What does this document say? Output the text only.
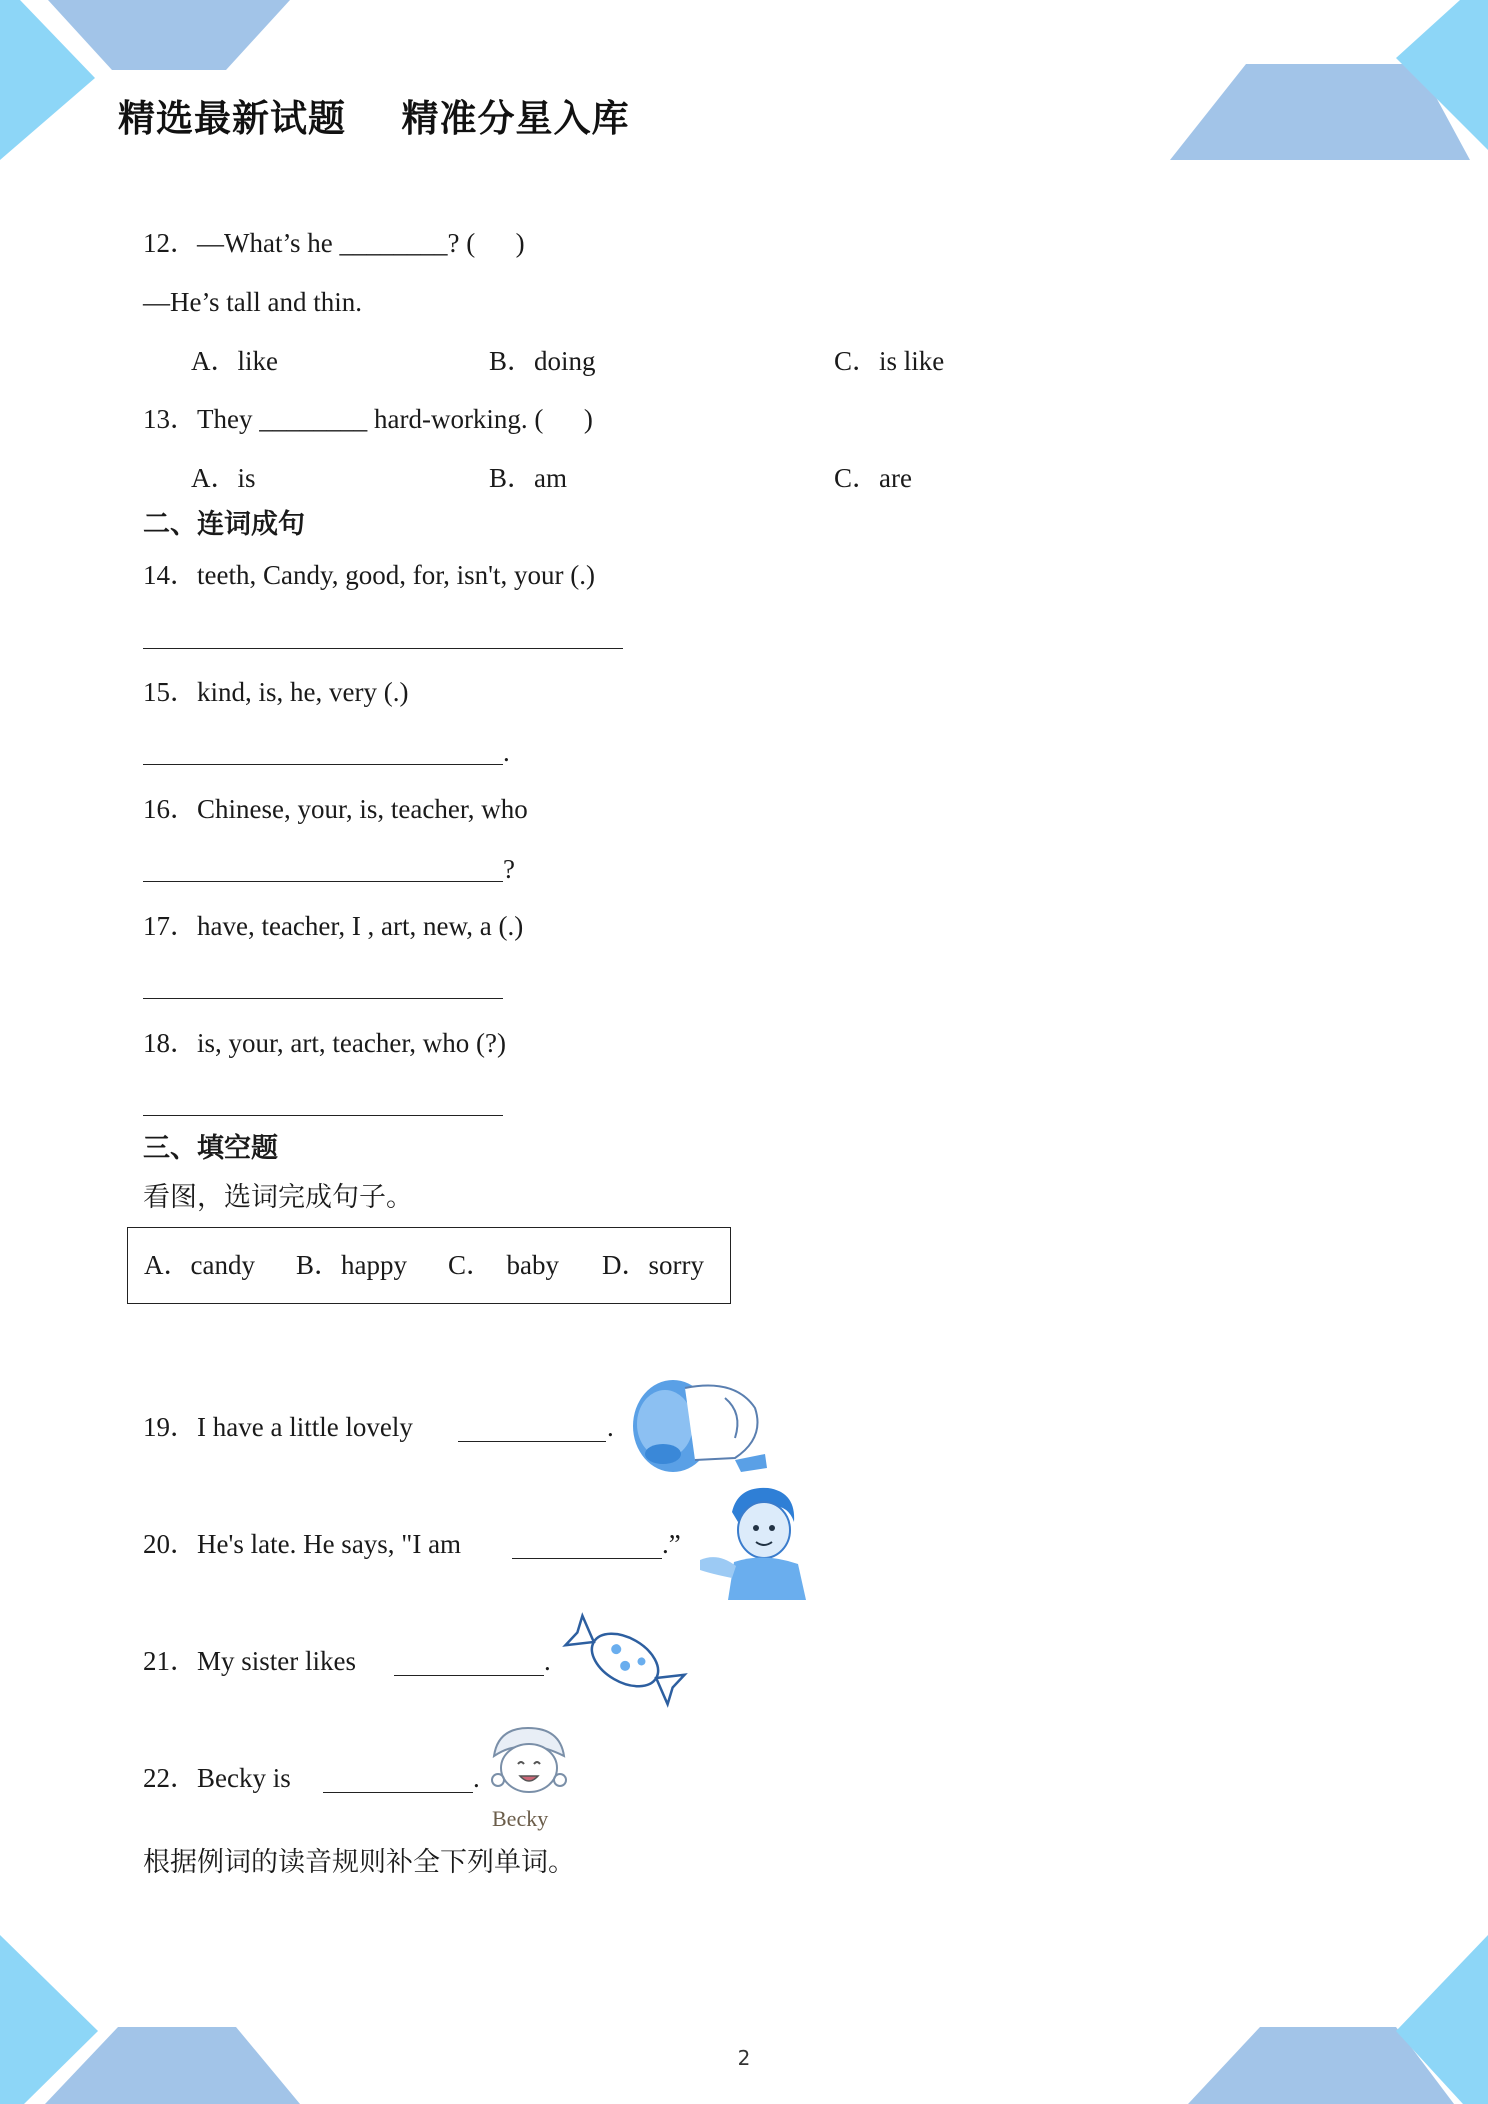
精选最新试题    精准分星入库
12．—What’s he ________? (      )
—He’s tall and thin.
A．like	B．doing	C．is like
13．They ________ hard-working. (      )
A．is	B．am	C．are
二、连词成句
14．teeth, Candy, good, for, isn't, your (.)
15．kind, is, he, very (.)
.
16．Chinese, your, is, teacher, who
?
17．have, teacher, I , art, new, a (.)
18．is, your, art, teacher, who (?)
三、填空题
看图，选词完成句子。
A．candy B．happy C．  baby D．sorry
19．I have a little lovely	.
20．He's late. He says, "I am	.”
21．My sister likes	.
22．Becky is	.
Becky
根据例词的读音规则补全下列单词。
2
